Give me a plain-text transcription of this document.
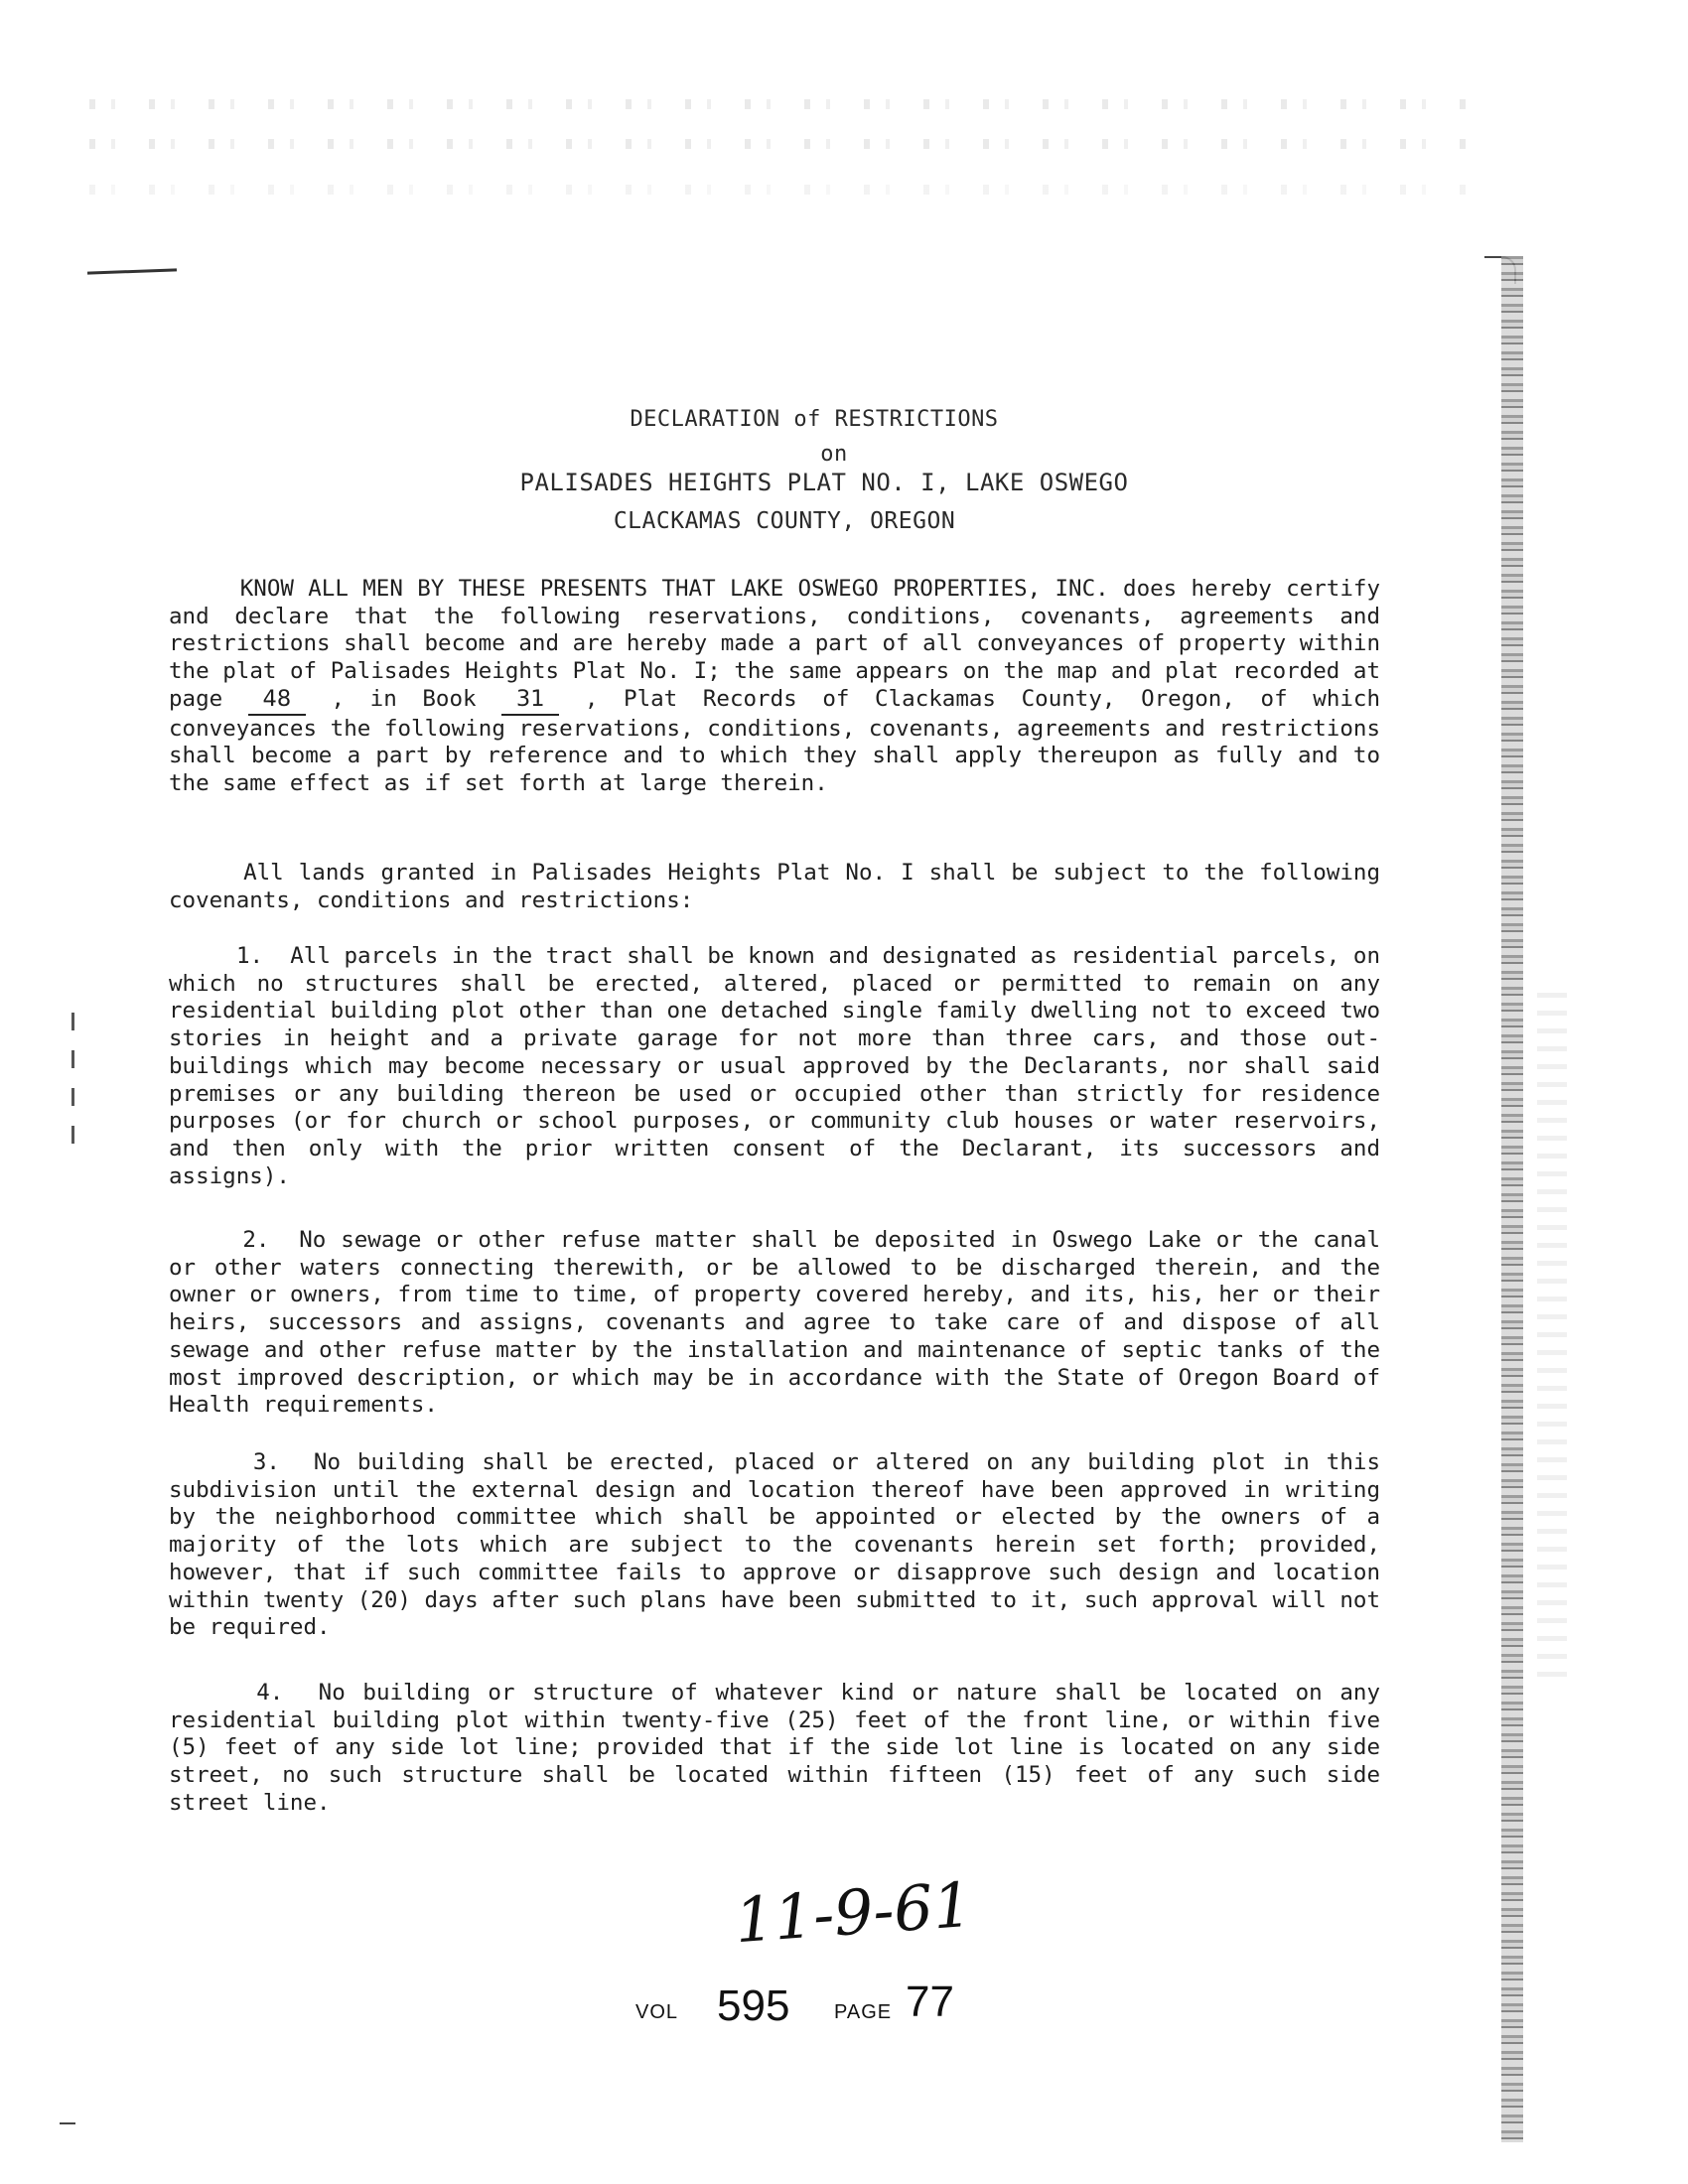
DECLARATION of RESTRICTIONS
on
PALISADES HEIGHTS PLAT NO. I, LAKE OSWEGO
CLACKAMAS COUNTY, OREGON
KNOW ALL MEN BY THESE PRESENTS THAT LAKE OSWEGO PROPERTIES, INC. does hereby certify and declare that the following reservations, conditions, covenants, agreements and restrictions shall become and are hereby made a part of all conveyances of property within the plat of Palisades Heights Plat No. I; the same appears on the map and plat recorded at page 48 , in Book 31 , Plat Records of Clackamas County, Oregon, of which  conveyances the following reservations, conditions, covenants, agreements and restrictions shall become a part by reference and to which they shall apply thereupon as fully and to the same effect as if set forth at large therein.
All lands granted in Palisades Heights Plat No. I shall be subject to the following covenants, conditions and restrictions:
1.  All parcels in the tract shall be known and designated as residential parcels, on which no structures shall be erected, altered, placed or permitted to remain on any residential building plot other than one detached single family dwelling not to exceed two stories in height and a private garage for not more than three cars, and those out-buildings which may become necessary or usual approved by the Declarants, nor shall said premises or any building thereon be used or occupied other than strictly for residence purposes (or for church or school purposes, or community club houses or water reservoirs, and then only with the prior written consent of the Declarant, its successors and assigns).
2.  No sewage or other refuse matter shall be deposited in Oswego Lake or the canal or other waters connecting therewith, or be allowed to be discharged therein, and the owner or owners, from time to time, of property covered hereby, and its, his, her or their heirs, successors and assigns, covenants and agree to take care of and dispose of all sewage and other refuse matter by the installation and maintenance of septic tanks of the most improved description, or which may be in accordance with the State of Oregon Board of Health requirements.
3.  No building shall be erected, placed or altered on any building plot in this subdivision until the external design and location thereof have been approved in writing by the neighborhood committee which shall be appointed or elected by the owners of a majority of the lots which are subject to the covenants herein set forth; provided, however, that if such committee fails to approve or disapprove such design and location within twenty (20) days after such plans have been submitted to it, such approval will not be required.
4.  No building or structure of whatever kind or nature shall be located on any residential building plot within twenty-five (25) feet of the front line, or within five (5) feet of any side lot line; provided that if the side lot line is located on any side street, no such structure shall be located within fifteen (15) feet of any such side street line.
11-9-61
VOL 595 PAGE 77
